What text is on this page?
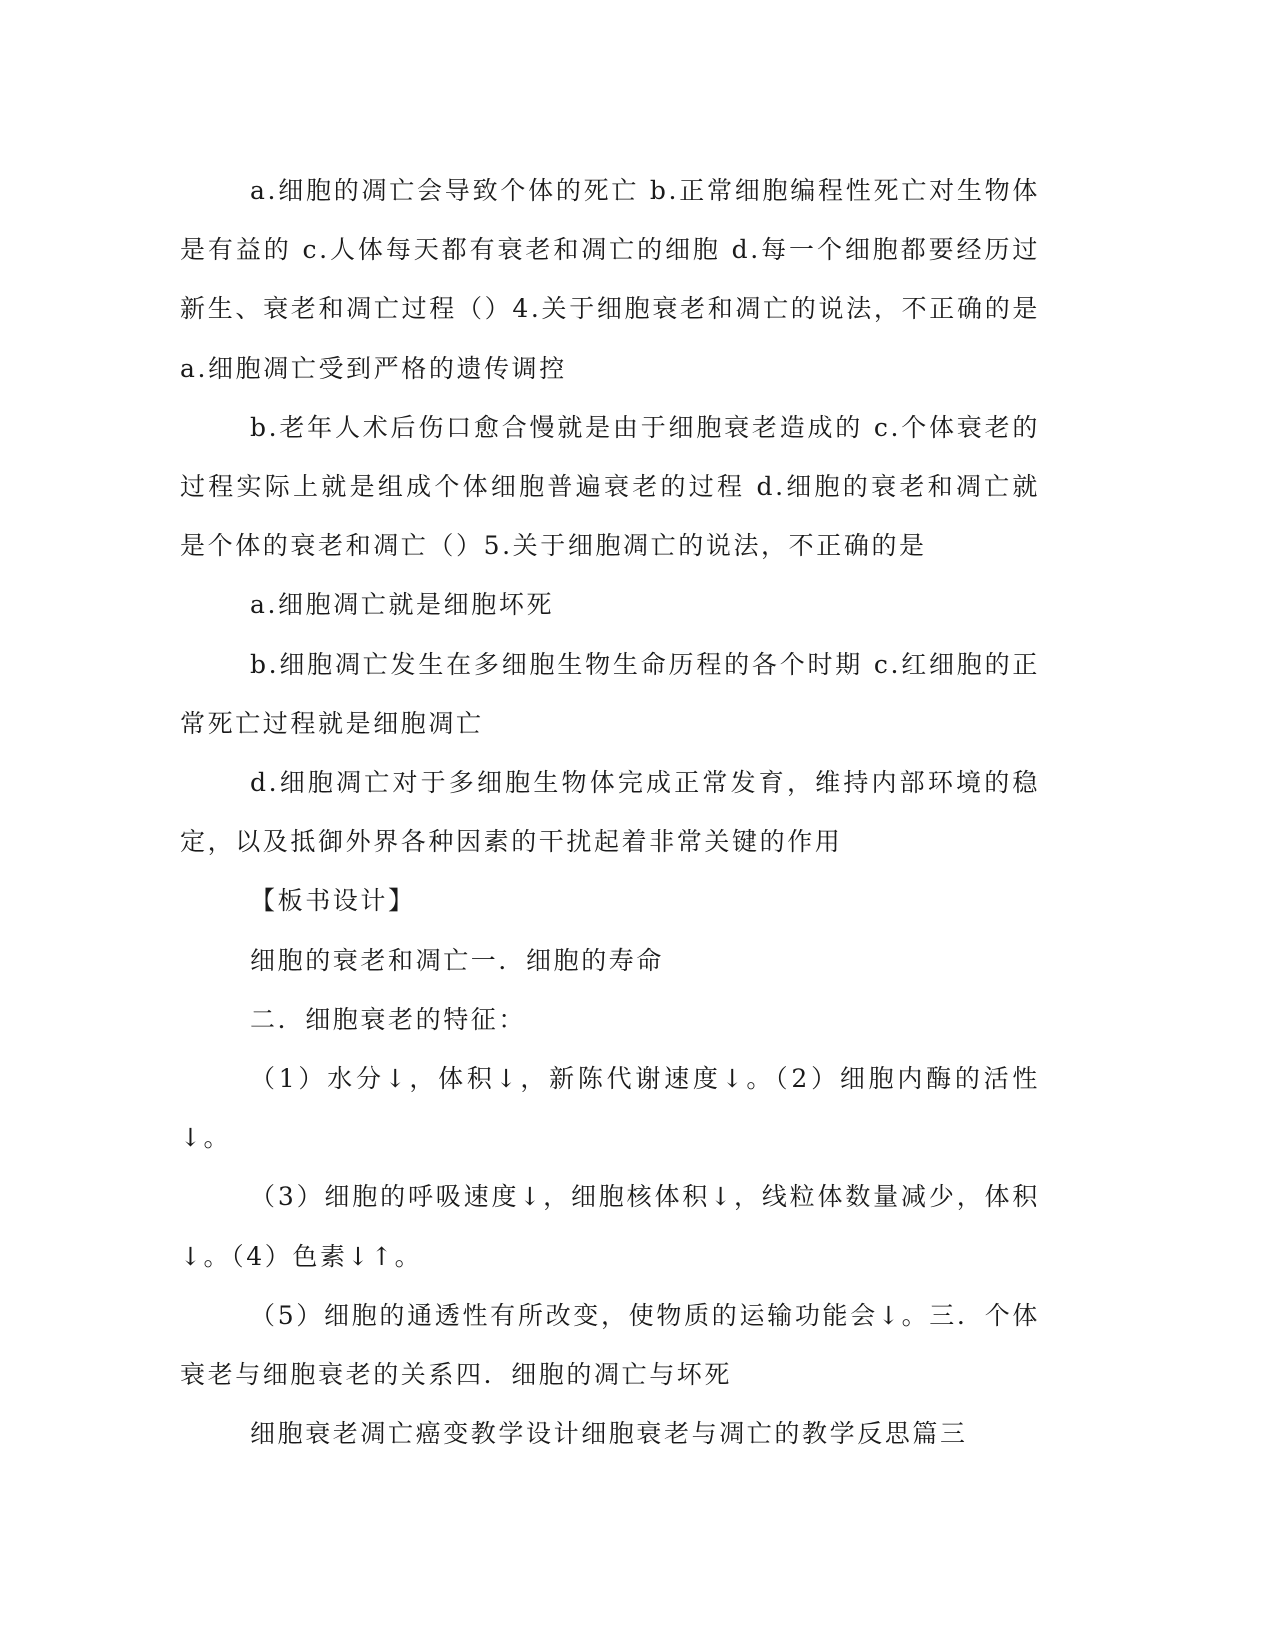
a.细胞的凋亡会导致个体的死亡 b.正常细胞编程性死亡对生物体是有益的 c.人体每天都有衰老和凋亡的细胞 d.每一个细胞都要经历过新生、衰老和凋亡过程（）4.关于细胞衰老和凋亡的说法，不正确的是 a.细胞凋亡受到严格的遗传调控

b.老年人术后伤口愈合慢就是由于细胞衰老造成的 c.个体衰老的过程实际上就是组成个体细胞普遍衰老的过程 d.细胞的衰老和凋亡就是个体的衰老和凋亡（）5.关于细胞凋亡的说法，不正确的是

a.细胞凋亡就是细胞坏死

b.细胞凋亡发生在多细胞生物生命历程的各个时期 c.红细胞的正常死亡过程就是细胞凋亡

d.细胞凋亡对于多细胞生物体完成正常发育，维持内部环境的稳定，以及抵御外界各种因素的干扰起着非常关键的作用

【板书设计】

细胞的衰老和凋亡一．细胞的寿命

二．细胞衰老的特征：

（1）水分↓，体积↓，新陈代谢速度↓。（2）细胞内酶的活性↓。

（3）细胞的呼吸速度↓，细胞核体积↓，线粒体数量减少，体积↓。（4）色素↓↑。

（5）细胞的通透性有所改变，使物质的运输功能会↓。三．个体衰老与细胞衰老的关系四．细胞的凋亡与坏死

细胞衰老凋亡癌变教学设计细胞衰老与凋亡的教学反思篇三
